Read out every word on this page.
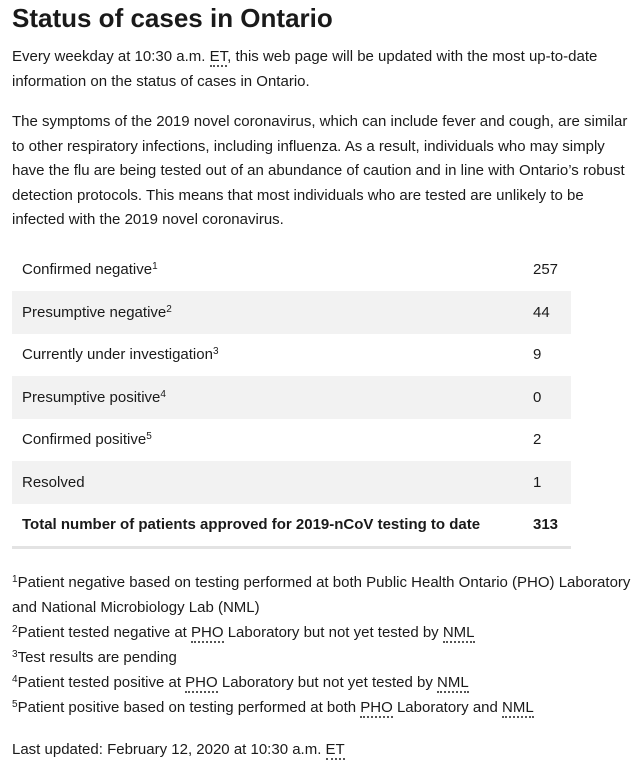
Status of cases in Ontario

Every weekday at 10:30 a.m. ET, this web page will be updated with the most up-to-date information on the status of cases in Ontario.

The symptoms of the 2019 novel coronavirus, which can include fever and cough, are similar to other respiratory infections, including influenza. As a result, individuals who may simply have the flu are being tested out of an abundance of caution and in line with Ontario’s robust detection protocols. This means that most individuals who are tested are unlikely to be infected with the 2019 novel coronavirus.

Confirmed negative$^1$	257
Presumptive negative$^2$	44
Currently under investigation$^3$	9
Presumptive positive$^4$	0
Confirmed positive$^5$	2
Resolved	1
Total number of patients approved for 2019-nCoV testing to date	313
$^1$Patient negative based on testing performed at both Public Health Ontario (PHO) Laboratory and National Microbiology Lab (NML)
$^2$Patient tested negative at PHO Laboratory but not yet tested by NML
$^3$Test results are pending
$^4$Patient tested positive at PHO Laboratory but not yet tested by NML
$^5$Patient positive based on testing performed at both PHO Laboratory and NML
Last updated: February 12, 2020 at 10:30 a.m. ET
